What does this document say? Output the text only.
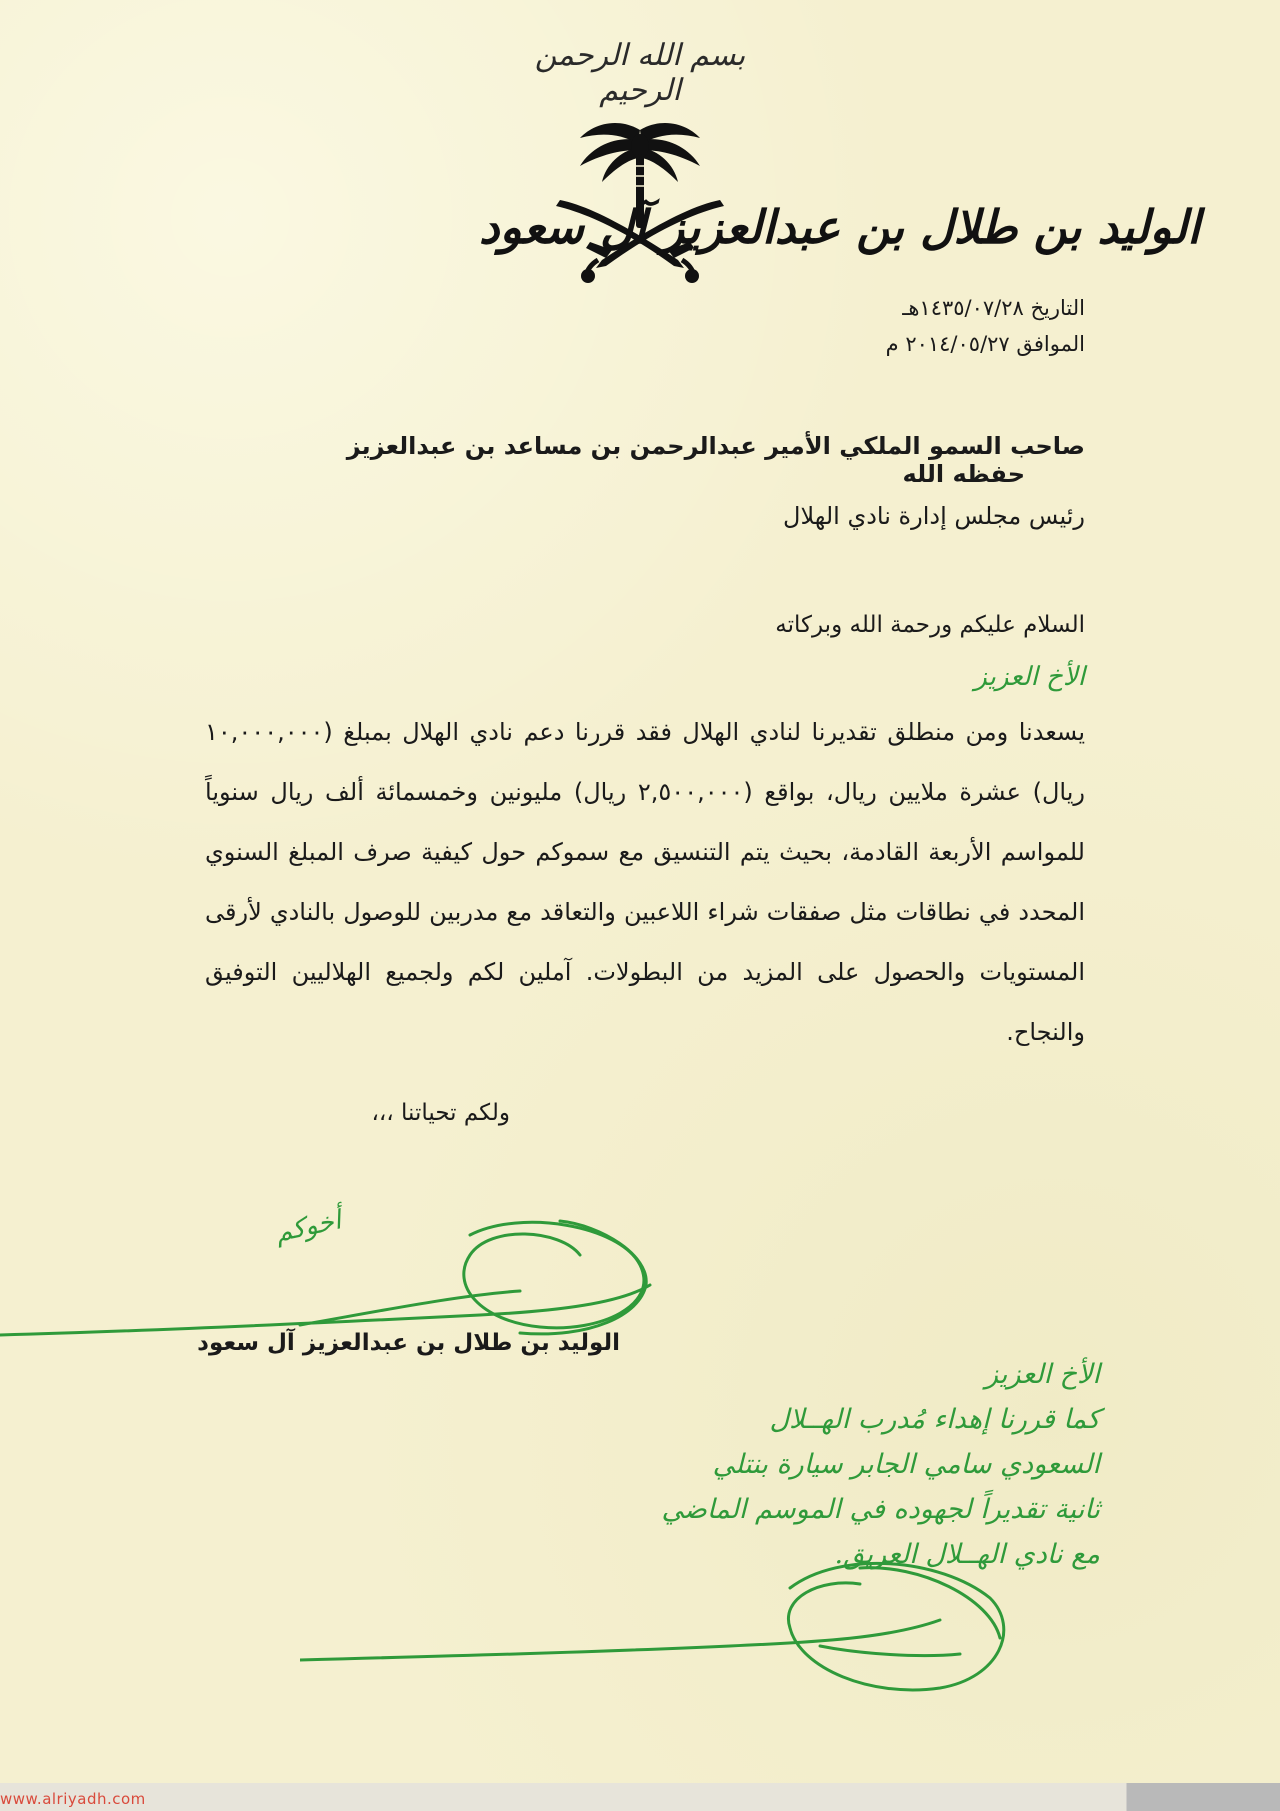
بسم الله الرحمن الرحيم
الوليد بن طلال بن عبدالعزيز آل سعود
التاريخ ١٤٣٥/٠٧/٢٨هـ
الموافق ٢٠١٤/٠٥/٢٧ م
صاحب السمو الملكي الأمير عبدالرحمن بن مساعد بن عبدالعزيز حفظه الله
رئيس مجلس إدارة نادي الهلال
السلام عليكم ورحمة الله وبركاته
الأخ العزيز
يسعدنا ومن منطلق تقديرنا لنادي الهلال فقد قررنا دعم نادي الهلال بمبلغ (١٠,٠٠٠,٠٠٠ ريال) عشرة ملايين ريال، بواقع (٢,٥٠٠,٠٠٠ ريال) مليونين وخمسمائة ألف ريال سنوياً للمواسم الأربعة القادمة، بحيث يتم التنسيق مع سموكم حول كيفية صرف المبلغ السنوي المحدد في نطاقات مثل صفقات شراء اللاعبين والتعاقد مع مدربين للوصول بالنادي لأرقى المستويات والحصول على المزيد من البطولات. آملين لكم ولجميع الهلاليين التوفيق والنجاح.
ولكم تحياتنا ،،،
أخوكم
الوليد بن طلال بن عبدالعزيز آل سعود
الأخ العزيز
كما قررنا إهداء مُدرب الهــلال
السعودي سامي الجابر سيارة بنتلي
ثانية تقديراً لجهوده في الموسم الماضي
مع نادي الهــلال العريق.
www.alriyadh.com
